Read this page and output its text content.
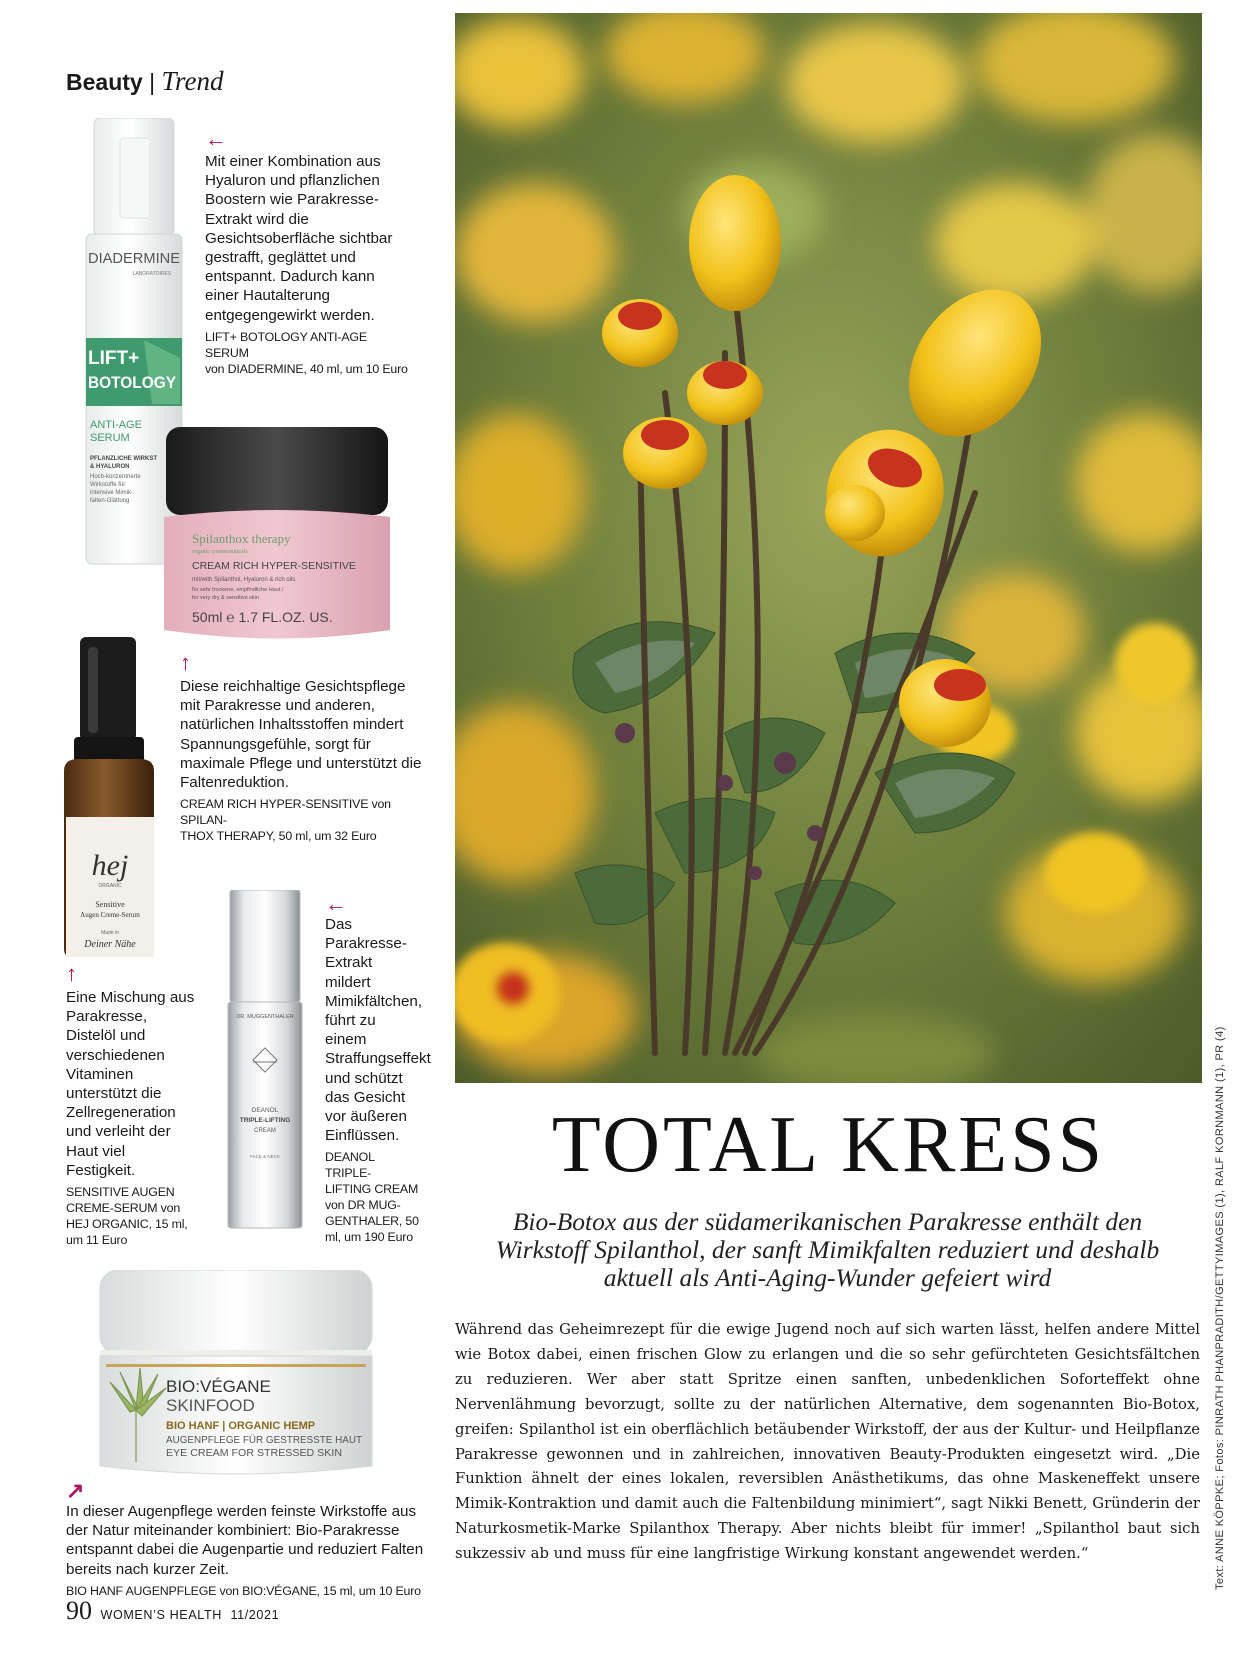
Beauty | Trend
DIADERMINE
LABORATOIRES
LIFT+
BOTOLOGY
ANTI-AGE
SERUM
PFLANZLICHE WIRKST
& HYALURON
Hoch-konzentrierte
Wirkstoffe für
intensive Mimik-
falten-Glättung
←

Mit einer Kombination aus Hyaluron und pflanzlichen Boostern wie Parakresse-Extrakt wird die Gesichtsoberfläche sichtbar gestrafft, geglättet und entspannt. Dadurch kann einer Hautalterung entgegengewirkt werden.

LIFT+ BOTOLOGY ANTI-AGE SERUM
von DIADERMINE, 40 ml, um 10 Euro

Spilanthox therapy
organic cosmeceuticals
CREAM RICH HYPER-SENSITIVE
mit/with Spilanthol, Hyaluron & rich oils
für sehr trockene, empfindliche Haut /
for very dry & sensitive skin
50ml ℮ 1.7 FL.OZ. US.
↑

Diese reichhaltige Gesichtspflege mit Parakresse und anderen, natürlichen Inhaltsstoffen mindert Spannungsgefühle, sorgt für maximale Pflege und unterstützt die Faltenreduktion.

CREAM RICH HYPER-SENSITIVE von SPILAN-
THOX THERAPY, 50 ml, um 32 Euro

hej
ORGANIC
Sensitive
Augen Creme-Serum
Made in
Deiner Nähe
↑

Eine Mischung aus Parakresse, Distelöl und verschiedenen Vitaminen unterstützt die Zellregeneration und verleiht der Haut viel Festigkeit.

SENSITIVE AUGEN
CREME-SERUM von
HEJ ORGANIC, 15 ml,
um 11 Euro

DR. MUGGENTHALER
DEANOL
TRIPLE-LIFTING
CREAM
FACE & NECK
←

Das Parakresse-Extrakt mildert Mimikfältchen, führt zu einem Straffungseffekt und schützt das Gesicht vor äußeren Einflüssen.

DEANOL TRIPLE-
LIFTING CREAM
von DR MUG-
GENTHALER, 50
ml, um 190 Euro

BIO:VÉGANE
SKINFOOD
BIO HANF | ORGANIC HEMP
AUGENPFLEGE FÜR GESTRESSTE HAUT
EYE CREAM FOR STRESSED SKIN
↗

In dieser Augenpflege werden feinste Wirkstoffe aus der Natur miteinander kombiniert: Bio-Parakresse entspannt dabei die Augenpartie und reduziert Falten bereits nach kurzer Zeit.

BIO HANF AUGENPFLEGE von BIO:VÉGANE, 15 ml, um 10 Euro

Text: ANNE KÖPPKE; Fotos: PINRATH PHANPRADITH/GETTYIMAGES (1), RALF KORNMANN (1), PR (4)
TOTAL KRESS
Bio-Botox aus der südamerikanischen Parakresse enthält den Wirkstoff Spilanthol, der sanft Mimikfalten reduziert und deshalb aktuell als Anti-Aging-Wunder gefeiert wird
Während das Geheimrezept für die ewige Jugend noch auf sich warten lässt, helfen andere Mittel wie Botox dabei, einen frischen Glow zu erlangen und die so sehr gefürchteten Gesichtsfältchen zu reduzieren. Wer aber statt Spritze einen sanften, unbedenklichen Soforteffekt ohne Nervenlähmung bevorzugt, sollte zu der natürlichen Alternative, dem sogenannten Bio-Botox, greifen: Spilanthol ist ein oberflächlich betäubender Wirkstoff, der aus der Kultur- und Heilpflanze Parakresse gewonnen und in zahlreichen, innovativen Beauty-Produkten eingesetzt wird. „Die Funktion ähnelt der eines lokalen, reversiblen Anästhetikums, das ohne Maskeneffekt unsere Mimik-Kontraktion und damit auch die Faltenbildung minimiert“, sagt Nikki Benett, Gründerin der Naturkosmetik-Marke Spilanthox Therapy. Aber nichts bleibt für immer! „Spilanthol baut sich sukzessiv ab und muss für eine langfristige Wirkung konstant angewendet werden.“
90 WOMEN’S HEALTH 11/2021
